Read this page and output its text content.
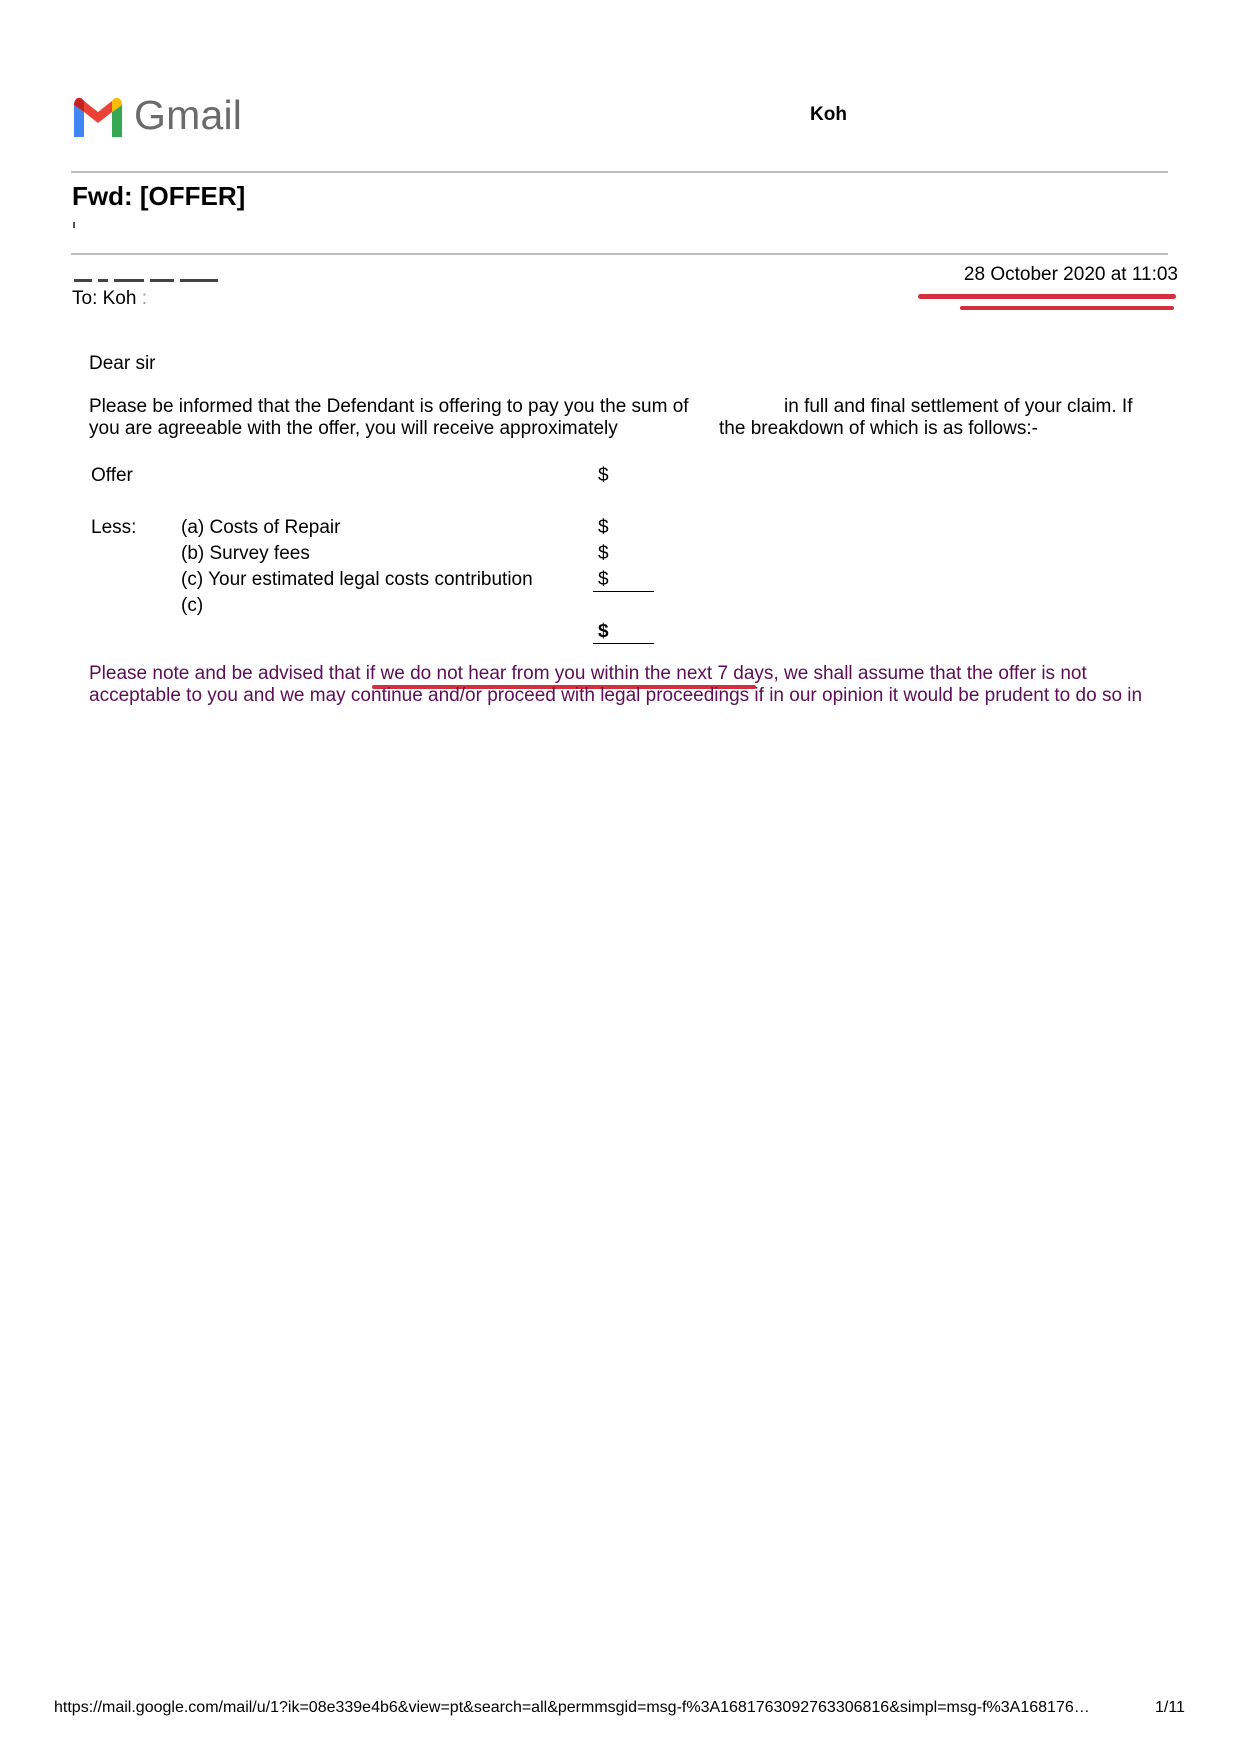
Gmail	Koh
Fwd: [OFFER]
28 October 2020 at 11:03
To: Koh :
Dear sir
Please be informed that the Defendant is offering to pay you the sum of	in full and final settlement of your claim. If
you are agreeable with the offer, you will receive approximately	the breakdown of which is as follows:-
Offer	$
Less: (a) Costs of Repair	$
(b) Survey fees	$
(c) Your estimated legal costs contribution	$
(c)
$
Please note and be advised that if we do not hear from you within the next 7 days, we shall assume that the offer is not
acceptable to you and we may continue and/or proceed with legal proceedings if in our opinion it would be prudent to do so in
https://mail.google.com/mail/u/1?ik=08e339e4b6&view=pt&search=all&permmsgid=msg-f%3A1681763092763306816&simpl=msg-f%3A168176…	1/11
